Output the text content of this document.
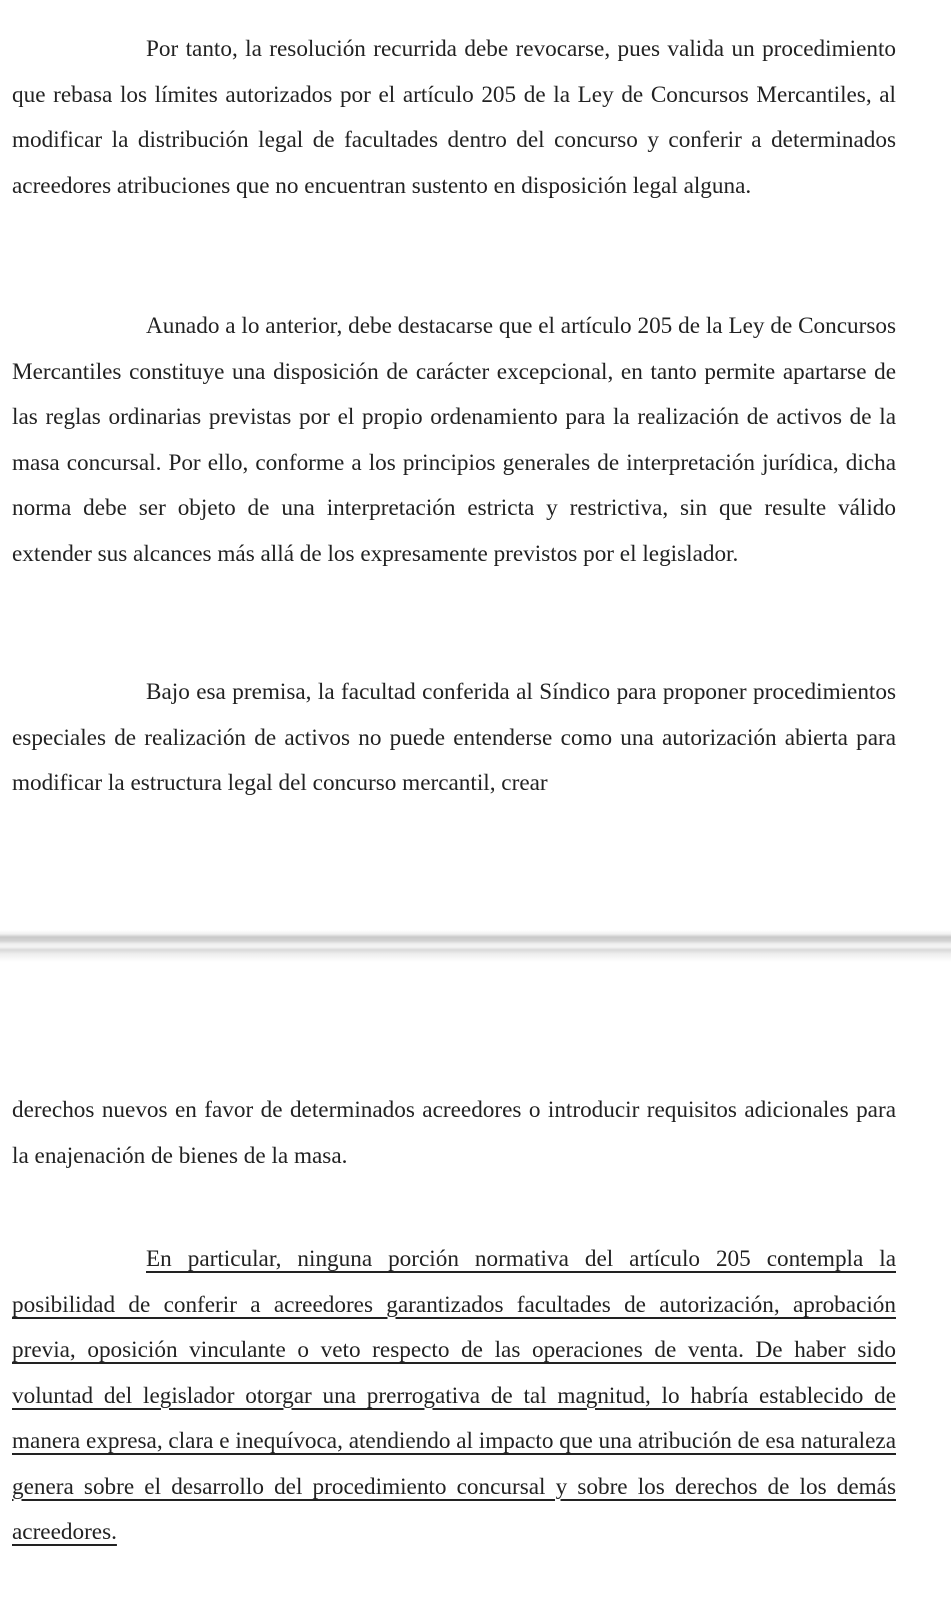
Por tanto, la resolución recurrida debe revocarse, pues valida un procedimiento que rebasa los límites autorizados por el artículo 205 de la Ley de Concursos Mercantiles, al modificar la distribución legal de facultades dentro del concurso y conferir a determinados acreedores atribuciones que no encuentran sustento en disposición legal alguna.

Aunado a lo anterior, debe destacarse que el artículo 205 de la Ley de Concursos Mercantiles constituye una disposición de carácter excepcional, en tanto permite apartarse de las reglas ordinarias previstas por el propio ordenamiento para la realización de activos de la masa concursal. Por ello, conforme a los principios generales de interpretación jurídica, dicha norma debe ser objeto de una interpretación estricta y restrictiva, sin que resulte válido extender sus alcances más allá de los expresamente previstos por el legislador.

Bajo esa premisa, la facultad conferida al Síndico para proponer procedimientos especiales de realización de activos no puede entenderse como una autorización abierta para modificar la estructura legal del concurso mercantil, crear

derechos nuevos en favor de determinados acreedores o introducir requisitos adicionales para la enajenación de bienes de la masa.

En particular, ninguna porción normativa del artículo 205 contempla la posibilidad de conferir a acreedores garantizados facultades de autorización, aprobación previa, oposición vinculante o veto respecto de las operaciones de venta. De haber sido voluntad del legislador otorgar una prerrogativa de tal magnitud, lo habría establecido de manera expresa, clara e inequívoca, atendiendo al impacto que una atribución de esa naturaleza genera sobre el desarrollo del procedimiento concursal y sobre los derechos de los demás acreedores.
